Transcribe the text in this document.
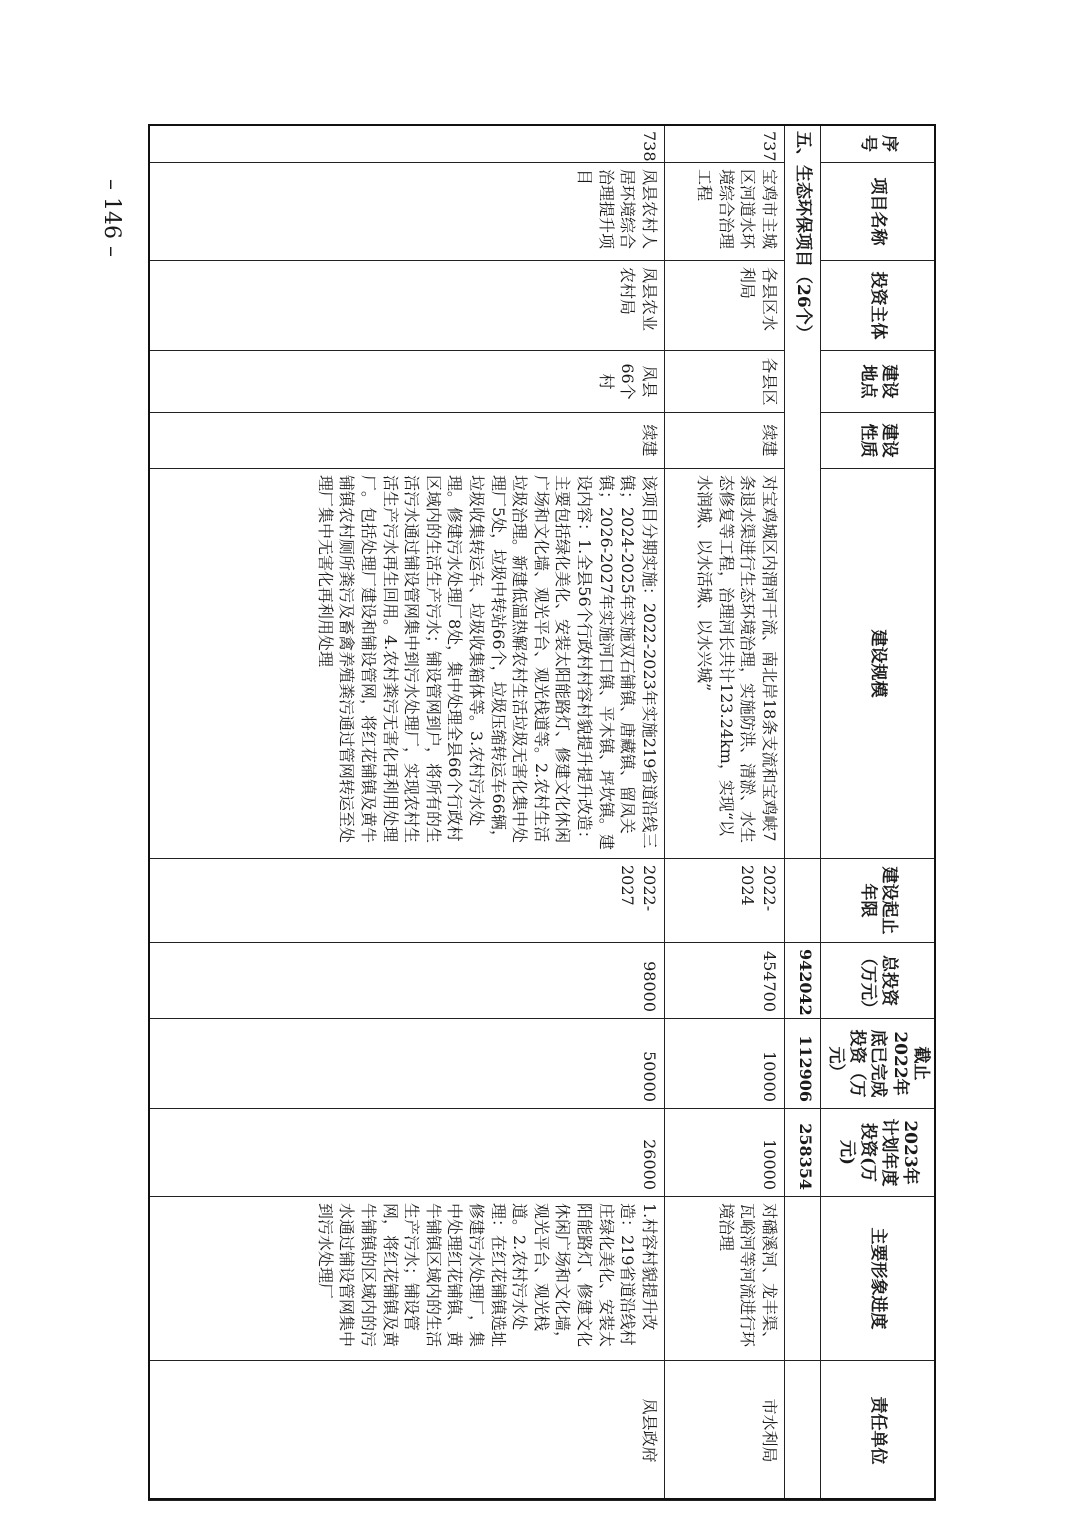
– 146 –
序号	项目名称	投资主体	建设地点	建设性质	建设规模	建设起止年限	总投资（万元）	截止2022年底已完成投资（万元）	2023年计划年度投资(万元)	主要形象进度	责任单位
五、生态环保项目（26个）							942042	112906	258354		
737	宝鸡市主城区河道水环境综合治理工程	各县区水利局	各县区	续建	对宝鸡城区内渭河干流、南北岸18条支流和宝鸡峡7条退水渠进行生态环境治理，实施防洪、清淤、水生态修复等工程，治理河长共计123.24km，实现“以水润城、以水活城、以水兴城”	2022-2024	454700	10000	10000	对磻溪河、龙丰渠、瓦峪河等河流进行环境治理	市水利局
738	凤县农村人居环境综合治理提升项目	凤县农业农村局	凤县66个村	续建	该项目分期实施：2022-2023年实施219省道沿线三镇；2024-2025年实施双石铺镇、唐藏镇、留凤关镇；2026-2027年实施河口镇、平木镇、坪坎镇。建设内容：1.全县56个行政村村容村貌提升提升改造：主要包括绿化美化、安装太阳能路灯、修建文化休闲广场和文化墙、观光平台、观光栈道等。2.农村生活垃圾治理。新建低温热解农村生活垃圾无害化集中处理厂5处，垃圾中转站66个，垃圾压缩转运车66辆，垃圾收集转运车、垃圾收集箱体等。3.农村污水处理。修建污水处理厂8处，集中处理全县66个行政村区域内的生活生产污水；铺设管网到户，将所有的生活污水通过铺设管网集中到污水处理厂，实现农村生活生产污水再生回用。4.农村粪污无害化再利用处理厂。包括处理厂建设和铺设管网，将红花铺镇及黄牛铺镇农村厕所粪污及畜禽养殖粪污通过管网转运至处理厂集中无害化再利用处理	2022-2027	98000	50000	26000	1.村容村貌提升改造：219省道沿线村庄绿化美化、安装太阳能路灯、修建文化休闲广场和文化墙，观光平台、观光栈道。2.农村污水处理：在红花铺镇选址修建污水处理厂，集中处理红花铺镇、黄牛铺镇区域内的生活生产污水；铺设管网，将红花铺镇及黄牛铺镇的区域内的污水通过铺设管网集中到污水处理厂	凤县政府
